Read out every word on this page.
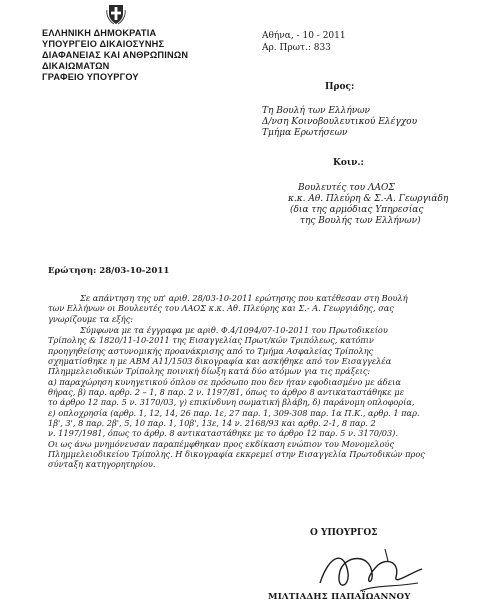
ΕΛΛΗΝΙΚΗ ΔΗΜΟΚΡΑΤΙΑ
ΥΠΟΥΡΓΕΙΟ ΔΙΚΑΙΟΣΥΝΗΣ
ΔΙΑΦΑΝΕΙΑΣ ΚΑΙ ΑΝΘΡΩΠΙΝΩΝ
ΔΙΚΑΙΩΜΑΤΩΝ
ΓΡΑΦΕΙΟ ΥΠΟΥΡΓΟΥ
Αθήνα, - 10 - 2011
Αρ. Πρωτ.: 833
Προς:
Τη Βουλή των Ελλήνων
Δ/νση Κοινοβουλευτικού Ελέγχου
Τμήμα Ερωτήσεων
Κοιν.:
Βουλευτές του ΛΑΟΣ
κ.κ. Αθ. Πλεύρη & Σ.-Α. Γεωργιάδη
(δια της αρμόδιας Υπηρεσίας
της Βουλής των Ελλήνων)
Ερώτηση: 28/03-10-2011
Σε απάντηση της υπ' αριθ. 28/03-10-2011 ερώτησης που κατέθεσαν στη Βουλή
των Ελλήνων οι Βουλευτές του ΛΑΟΣ κ.κ. Αθ. Πλεύρης και Σ.- Α. Γεωργιάδης, σας
γνωρίζουμε τα εξής:
Σύμφωνα με τα έγγραφα με αριθ. Φ.4/1094/07-10-2011 του Πρωτοδικείου
Τρίπολης & 1820/11-10-2011 της Εισαγγελίας Πρωτ/κών Τριπόλεως, κατόπιν
προηγηθείσης αστυνομικής προανάκρισης από το Τμήμα Ασφαλείας Τρίπολης
σχηματίσθηκε η με ΑΒΜ Α11/1503 δικογραφία και ασκήθηκε από τον Εισαγγελέα
Πλημμελειοδικών Τρίπολης ποινική δίωξη κατά δύο ατόμων για τις πράξεις:
α) παραχώρηση κυνηγετικού όπλου σε πρόσωπο που δεν ήταν εφοδιασμένο με άδεια
θήρας, β) παρ. αρθρ. 2 – 1, 8 παρ. 2 ν. 1197/81, όπως το άρθρο 8 αντικαταστάθηκε με
το άρθρο 12 παρ. 5 ν. 3170/03, γ) επικίνδυνη σωματική βλάβη, δ) παράνομη οπλοφορία,
ε) οπλοχρησία (αρθρ. 1, 12, 14, 26 παρ. 1ε, 27 παρ. 1, 309-308 παρ. 1α Π.Κ., αρθρ. 1 παρ.
1β', 3', 8 παρ. 2β', 5, 10 παρ. 1, 10β', 13ε, 14 ν. 2168/93 και αρθρ. 2-1, 8 παρ. 2
ν. 1197/1981, όπως το άρθρ. 8 αντικαταστάθηκε με το άρθρο 12 παρ. 5 ν. 3170/03).
Οι ως άνω μνημόνευσαν παραπέμφθηκαν προς εκδίκαση ενώπιον του Μονομελούς
Πλημμελειοδικείου Τρίπολης. Η δικογραφία εκκρεμεί στην Εισαγγελία Πρωτοδικών προς
σύνταξη κατηγορητηρίου.
Ο ΥΠΟΥΡΓΟΣ
ΜΙΛΤΙΑΔΗΣ ΠΑΠΑΪΩΑΝΝΟΥ
